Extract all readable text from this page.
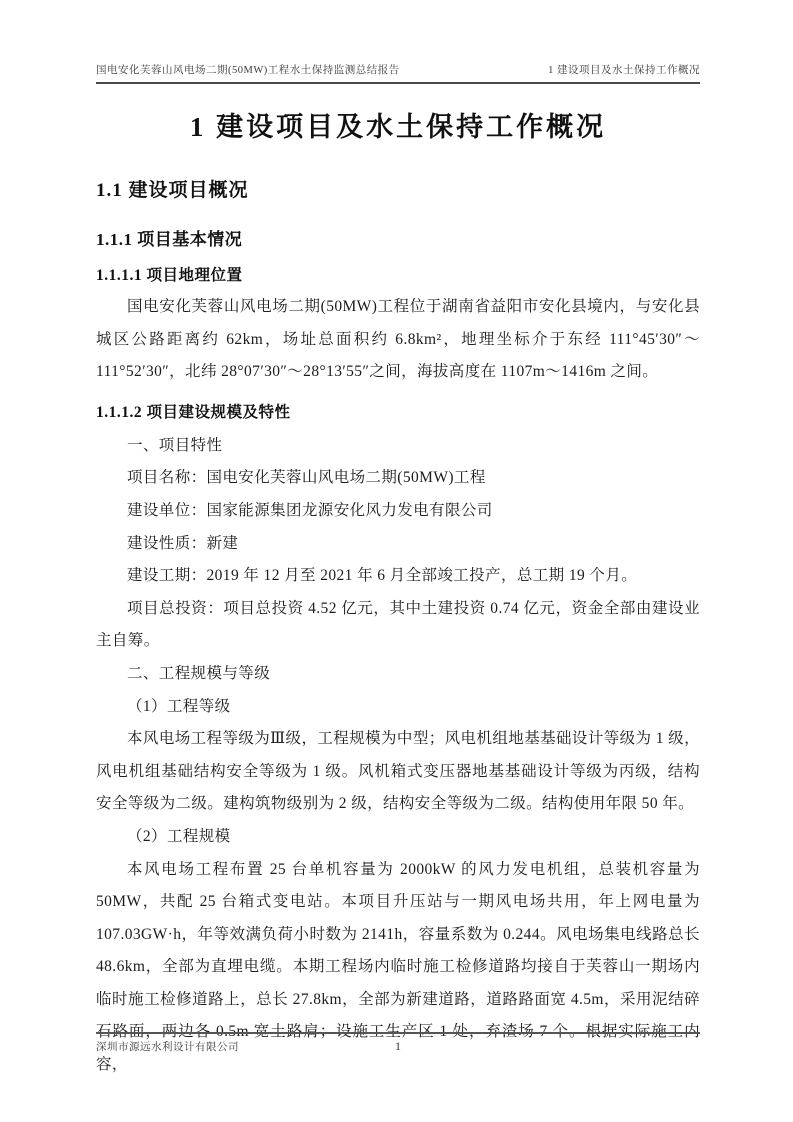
国电安化芙蓉山风电场二期(50MW)工程水土保持监测总结报告	1 建设项目及水土保持工作概况
1 建设项目及水土保持工作概况
1.1 建设项目概况
1.1.1 项目基本情况
1.1.1.1 项目地理位置

国电安化芙蓉山风电场二期(50MW)工程位于湖南省益阳市安化县境内，与安化县城区公路距离约 62km，场址总面积约 6.8km²，地理坐标介于东经 111°45′30″～111°52′30″，北纬 28°07′30″～28°13′55″之间，海拔高度在 1107m～1416m 之间。

1.1.1.2 项目建设规模及特性

一、项目特性

项目名称：国电安化芙蓉山风电场二期(50MW)工程

建设单位：国家能源集团龙源安化风力发电有限公司

建设性质：新建

建设工期：2019 年 12 月至 2021 年 6 月全部竣工投产，总工期 19 个月。

项目总投资：项目总投资 4.52 亿元，其中土建投资 0.74 亿元，资金全部由建设业主自筹。

二、工程规模与等级

（1）工程等级

本风电场工程等级为Ⅲ级，工程规模为中型；风电机组地基基础设计等级为 1 级，风电机组基础结构安全等级为 1 级。风机箱式变压器地基基础设计等级为丙级，结构安全等级为二级。建构筑物级别为 2 级，结构安全等级为二级。结构使用年限 50 年。

（2）工程规模

本风电场工程布置 25 台单机容量为 2000kW 的风力发电机组，总装机容量为 50MW，共配 25 台箱式变电站。本项目升压站与一期风电场共用，年上网电量为 107.03GW·h，年等效满负荷小时数为 2141h，容量系数为 0.244。风电场集电线路总长 48.6km，全部为直埋电缆。本期工程场内临时施工检修道路均接自于芙蓉山一期场内临时施工检修道路上，总长 27.8km，全部为新建道路，道路路面宽 4.5m，采用泥结碎石路面，两边各 0.5m 宽土路肩；设施工生产区 1 处，弃渣场 7 个。根据实际施工内容，

深圳市源远水利设计有限公司	1
